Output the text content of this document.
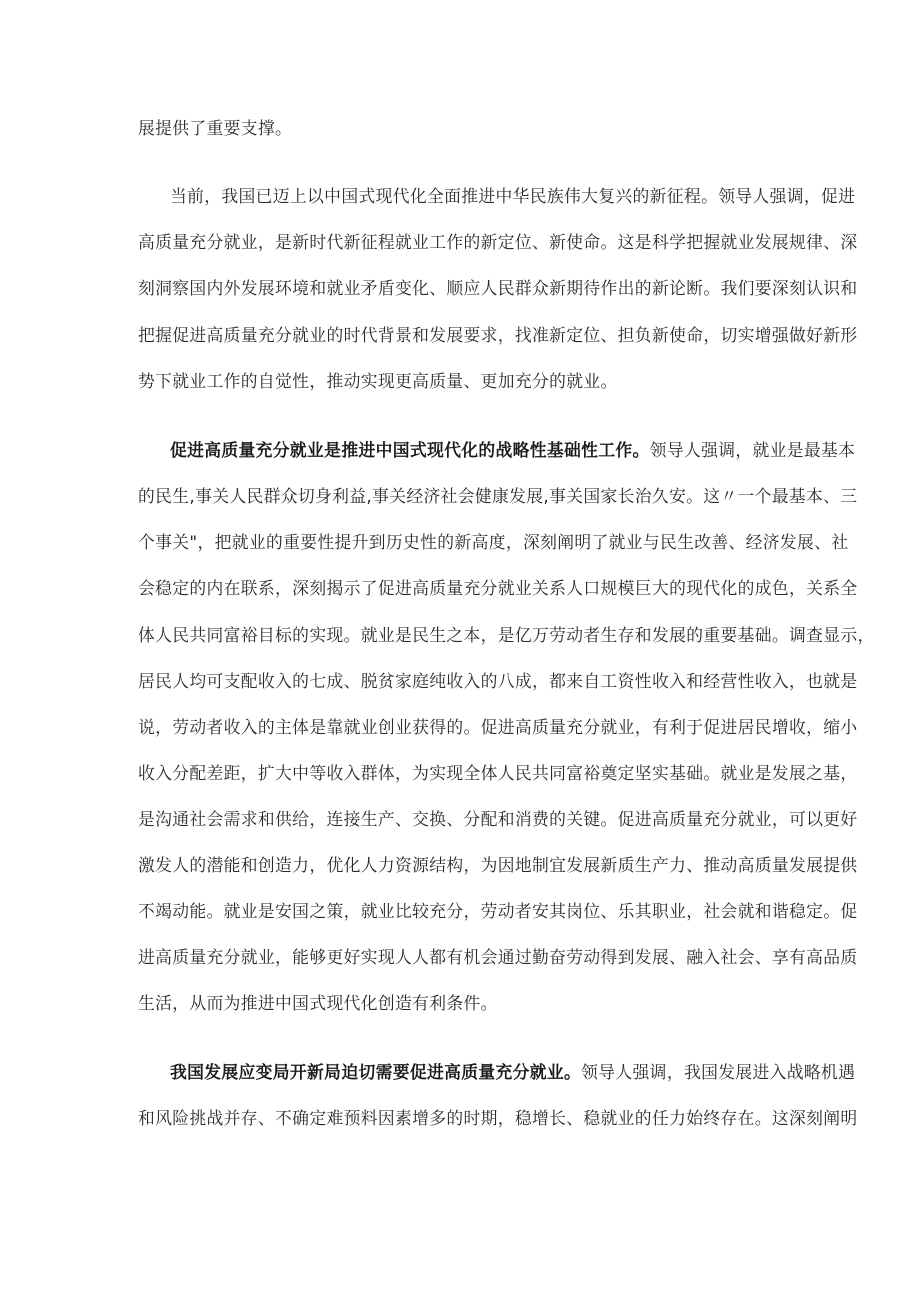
展提供了重要支撑。
当前，我国已迈上以中国式现代化全面推进中华民族伟大复兴的新征程。领导人强调，促进
高质量充分就业，是新时代新征程就业工作的新定位、新使命。这是科学把握就业发展规律、深
刻洞察国内外发展环境和就业矛盾变化、顺应人民群众新期待作出的新论断。我们要深刻认识和
把握促进高质量充分就业的时代背景和发展要求，找准新定位、担负新使命，切实增强做好新形
势下就业工作的自觉性，推动实现更高质量、更加充分的就业。
促进高质量充分就业是推进中国式现代化的战略性基础性工作。领导人强调，就业是最基本
的民生,事关人民群众切身利益,事关经济社会健康发展,事关国家长治久安。这〃一个最基本、三
个事关"，把就业的重要性提升到历史性的新高度，深刻阐明了就业与民生改善、经济发展、社
会稳定的内在联系，深刻揭示了促进高质量充分就业关系人口规模巨大的现代化的成色，关系全
体人民共同富裕目标的实现。就业是民生之本，是亿万劳动者生存和发展的重要基础。调查显示，
居民人均可支配收入的七成、脱贫家庭纯收入的八成，都来自工资性收入和经营性收入，也就是
说，劳动者收入的主体是靠就业创业获得的。促进高质量充分就业，有利于促进居民增收，缩小
收入分配差距，扩大中等收入群体，为实现全体人民共同富裕奠定坚实基础。就业是发展之基，
是沟通社会需求和供给，连接生产、交换、分配和消费的关键。促进高质量充分就业，可以更好
激发人的潜能和创造力，优化人力资源结构，为因地制宜发展新质生产力、推动高质量发展提供
不竭动能。就业是安国之策，就业比较充分，劳动者安其岗位、乐其职业，社会就和谐稳定。促
进高质量充分就业，能够更好实现人人都有机会通过勤奋劳动得到发展、融入社会、享有高品质
生活，从而为推进中国式现代化创造有利条件。
我国发展应变局开新局迫切需要促进高质量充分就业。领导人强调，我国发展进入战略机遇
和风险挑战并存、不确定难预料因素增多的时期，稳增长、稳就业的任力始终存在。这深刻阐明
